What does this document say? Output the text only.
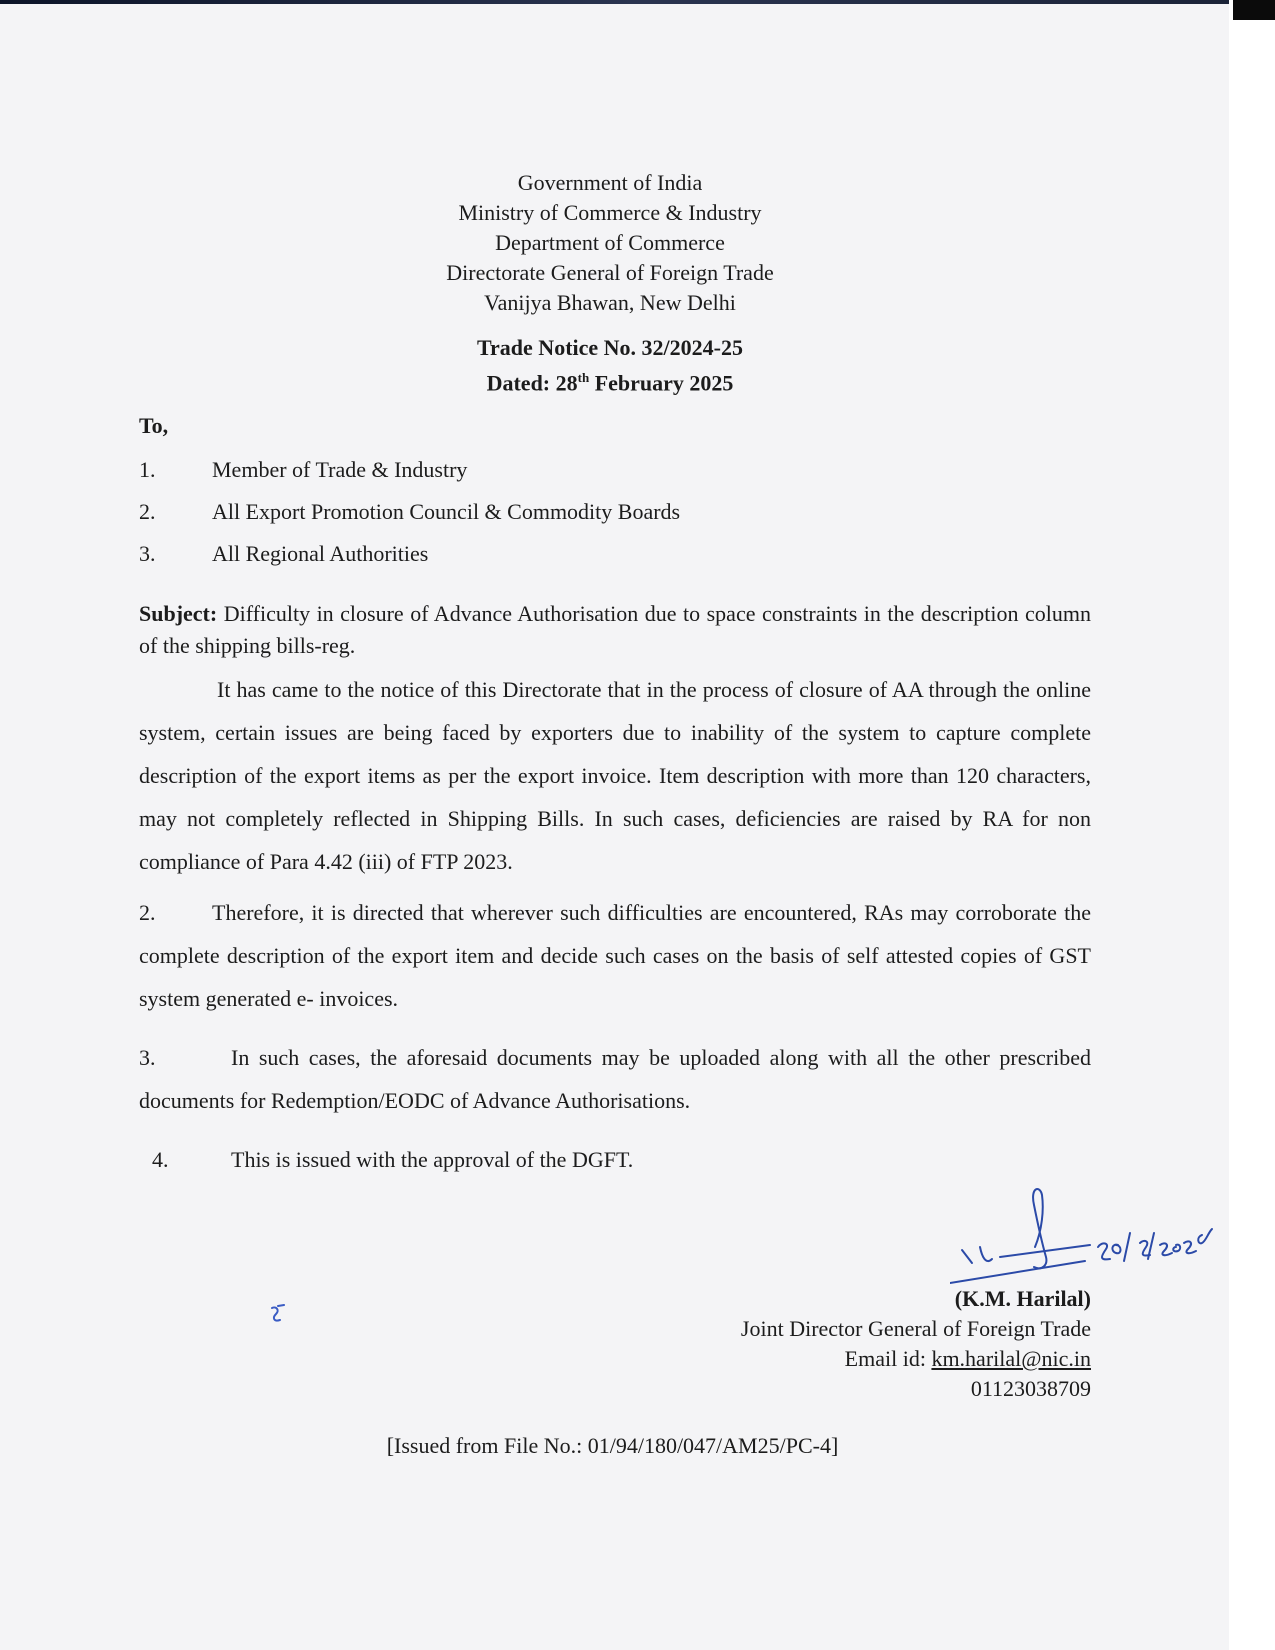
Government of India
Ministry of Commerce & Industry
Department of Commerce
Directorate General of Foreign Trade
Vanijya Bhawan, New Delhi
Trade Notice No. 32/2024-25
Dated: 28th February 2025
To,
1.	Member of Trade & Industry
2.	All Export Promotion Council & Commodity Boards
3.	All Regional Authorities
Subject: Difficulty in closure of Advance Authorisation due to space constraints in the description column of the shipping bills-reg.
It has came to the notice of this Directorate that in the process of closure of AA through the online system, certain issues are being faced by exporters due to inability of the system to capture complete description of the export items as per the export invoice. Item description with more than 120 characters, may not completely reflected in Shipping Bills. In such cases, deficiencies are raised by RA for non compliance of Para 4.42 (iii) of FTP 2023.
2.	Therefore, it is directed that wherever such difficulties are encountered, RAs may corroborate the complete description of the export item and decide such cases on the basis of self attested copies of GST system generated e- invoices.
3.	In such cases, the aforesaid documents may be uploaded along with all the other prescribed documents for Redemption/EODC of Advance Authorisations.
4.	This is issued with the approval of the DGFT.
(K.M. Harilal)
Joint Director General of Foreign Trade
Email id: km.harilal@nic.in
01123038709
[Issued from File No.: 01/94/180/047/AM25/PC-4]
